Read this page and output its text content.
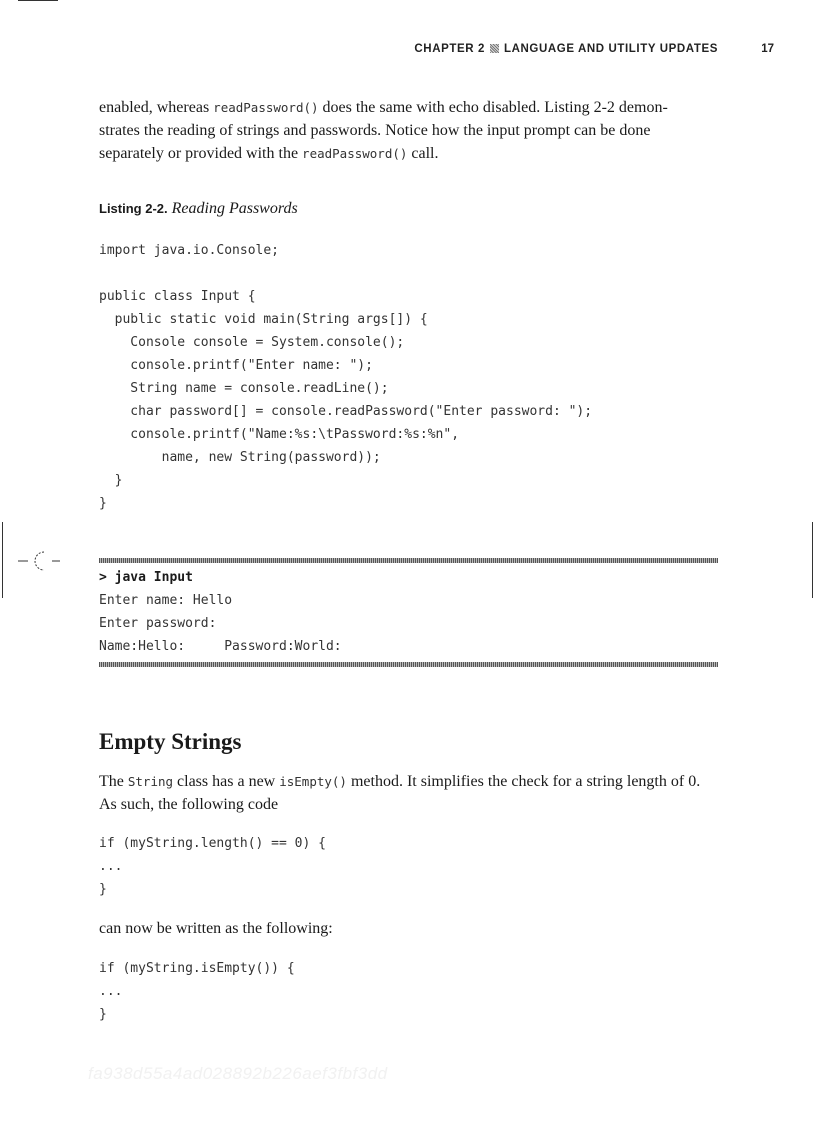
CHAPTER 2 LANGUAGE AND UTILITY UPDATES	17

enabled, whereas readPassword() does the same with echo disabled. Listing 2-2 demon- strates the reading of strings and passwords. Notice how the input prompt can be done separately or provided with the readPassword() call.

Listing 2-2. Reading Passwords

import java.io.Console;

public class Input {
public static void main(String args[]) {
Console console = System.console();
console.printf("Enter name: ");
String name = console.readLine();
char password[] = console.readPassword("Enter password: ");
console.printf("Name:%s:\tPassword:%s:%n",
name, new String(password));
}
}
> java Input
Enter name: Hello
Enter password:
Name:Hello:     Password:World:
Empty Strings

The String class has a new isEmpty() method. It simplifies the check for a string length of 0. As such, the following code

if (myString.length() == 0) {
...
}

can now be written as the following:

if (myString.isEmpty()) {
...
}

fa938d55a4ad028892b226aef3fbf3dd
